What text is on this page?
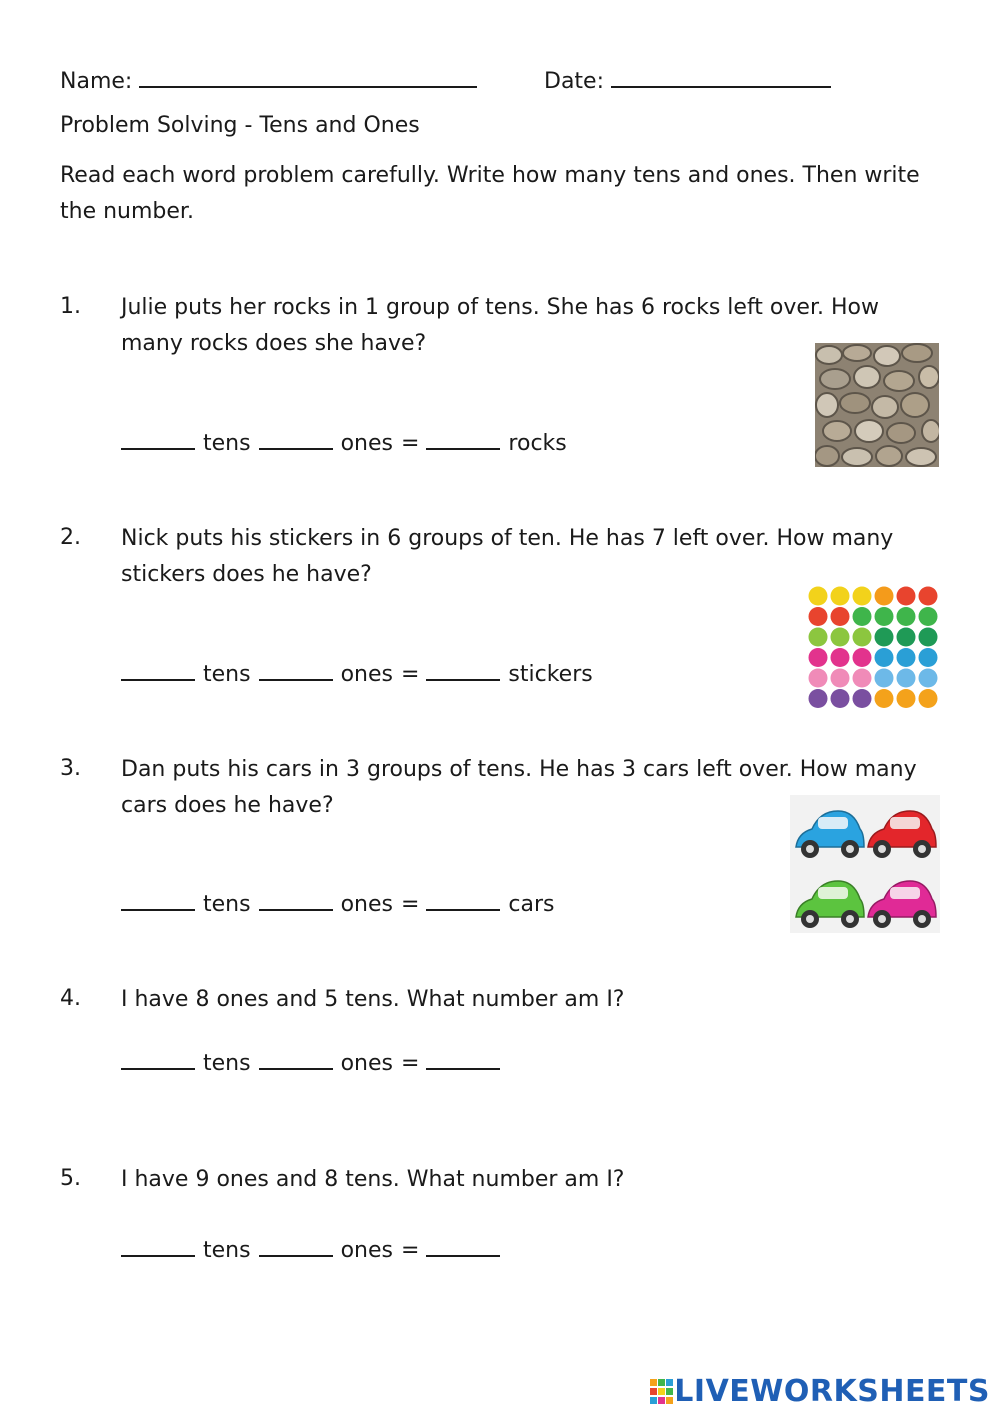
Name:	Date:
Problem Solving - Tens and Ones
Read each word problem carefully. Write how many tens and ones. Then write the number.
1. Julie puts her rocks in 1 group of tens. She has 6 rocks left over. How many rocks does she have?
tens	ones =	rocks
2. Nick puts his stickers in 6 groups of ten. He has 7 left over. How many stickers does he have?
tens	ones =	stickers
3. Dan puts his cars in 3 groups of tens. He has 3 cars left over. How many cars does he have?
tens	ones =	cars
4. I have 8 ones and 5 tens. What number am I?
tens	ones =
5. I have 9 ones and 8 tens. What number am I?
tens	ones =
LIVEWORKSHEETS
